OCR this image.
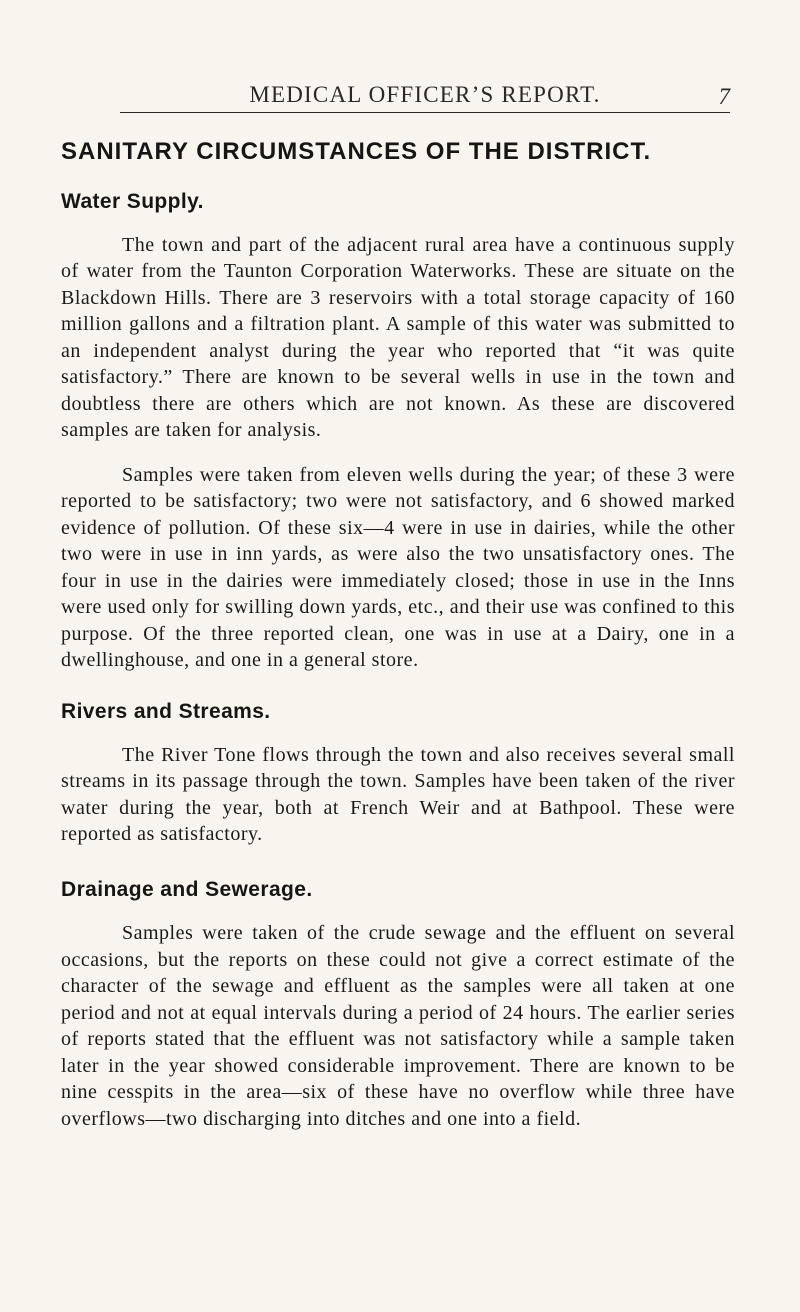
MEDICAL OFFICER’S REPORT.	7
SANITARY CIRCUMSTANCES OF THE DISTRICT.
Water Supply.

The town and part of the adjacent rural area have a continuous supply of water from the Taunton Corporation Waterworks. These are situate on the Blackdown Hills. There are 3 reservoirs with a total storage capacity of 160 million gallons and a filtration plant. A sample of this water was submitted to an independent analyst during the year who reported that “it was quite satisfactory.” There are known to be several wells in use in the town and doubtless there are others which are not known. As these are discovered samples are taken for analysis.

Samples were taken from eleven wells during the year; of these 3 were reported to be satisfactory; two were not satisfactory, and 6 showed marked evidence of pollution. Of these six—4 were in use in dairies, while the other two were in use in inn yards, as were also the two unsatisfactory ones. The four in use in the dairies were immediately closed; those in use in the Inns were used only for swilling down yards, etc., and their use was confined to this purpose. Of the three reported clean, one was in use at a Dairy, one in a dwellinghouse, and one in a general store.

Rivers and Streams.

The River Tone flows through the town and also receives several small streams in its passage through the town. Samples have been taken of the river water during the year, both at French Weir and at Bathpool. These were reported as satisfactory.

Drainage and Sewerage.

Samples were taken of the crude sewage and the effluent on several occasions, but the reports on these could not give a correct estimate of the character of the sewage and effluent as the samples were all taken at one period and not at equal intervals during a period of 24 hours. The earlier series of reports stated that the effluent was not satisfactory while a sample taken later in the year showed considerable improvement. There are known to be nine cesspits in the area—six of these have no overflow while three have overflows—two discharging into ditches and one into a field.
